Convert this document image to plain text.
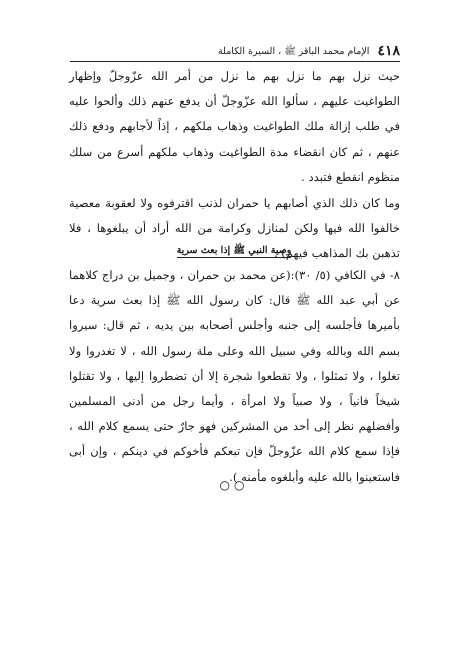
٤١٨
الإمام محمد الباقر ﷺ ، السيرة الكاملة

حيث نزل بهم ما نزل بهم ما نزل من أمر الله عزّوجلّ وإظهار الطواغيت عليهم ، سألوا الله عزّوجلّ أن يدفع عنهم ذلك وألحوا عليه في طلب إزالة ملك الطواغيت وذهاب ملكهم ، إذاً لأجابهم ودفع ذلك عنهم ، ثم كان انقضاء مدة الطواغيت وذهاب ملكهم أسرع من سلك منظوم انقطع فتبدد .

وما كان ذلك الذي أصابهم يا حمران لذنب اقترفوه ولا لعقوبة معصية خالفوا الله فيها ولكن لمنازل وكرامة من الله أراد أن يبلغوها ، فلا تذهبن بك المذاهب فيهم) .

وصية النبي ﷺ إذا بعث سرية

٨- في الكافي (٥/ ٣٠):(عن محمد بن حمران ، وجميل بن دراج كلاهما عن أبي عبد الله ﷺ قال: كان رسول الله ﷺ إذا بعث سرية دعا بأميرها فأجلسه إلى جنبه وأجلس أصحابه بين يديه ، ثم قال: سيروا بسم الله وبالله وفي سبيل الله وعلى ملة رسول الله ، لا تغدروا ولا تغلوا ، ولا تمثلوا ، ولا تقطعوا شجرة إلا أن تضطروا إليها ، ولا تقتلوا شيخاً فانياً ، ولا صبياً ولا امرأة ، وأيما رجل من أدنى المسلمين وأفضلهم نظر إلى أحد من المشركين فهو جارٌ حتى يسمع كلام الله ، فإذا سمع كلام الله عزّوجلّ فإن تبعكم فأخوكم في دينكم ، وإن أبى فاستعينوا بالله عليه وأبلغوه مأمنه ).

○○
